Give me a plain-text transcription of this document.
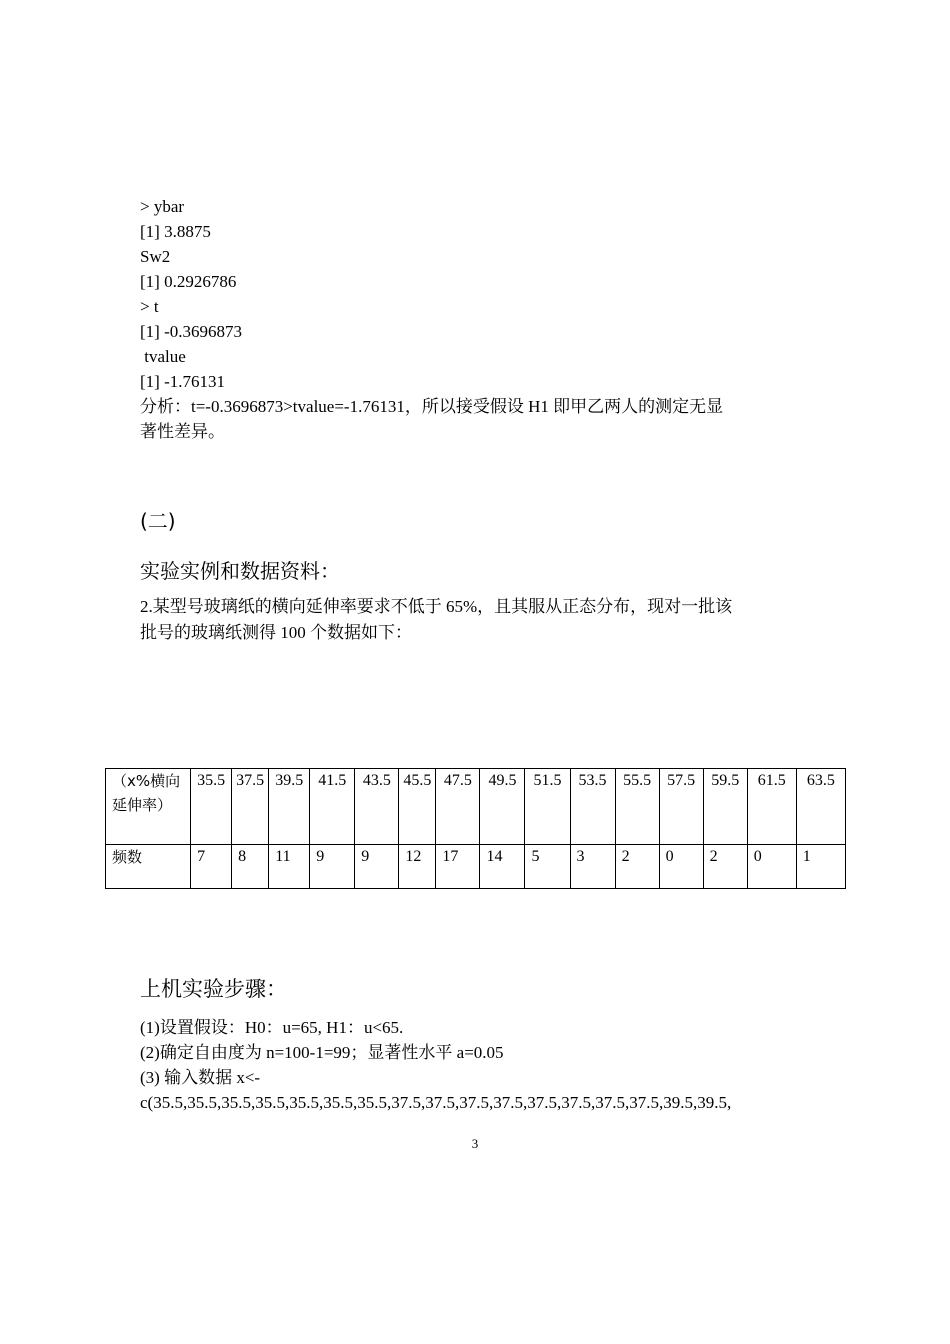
> ybar
[1] 3.8875
Sw2
[1] 0.2926786
> t
[1] -0.3696873
tvalue
[1] -1.76131
分析：t=-0.3696873>tvalue=-1.76131，所以接受假设 H1 即甲乙两人的测定无显
著性差异。
(二)
实验实例和数据资料：
2.某型号玻璃纸的横向延伸率要求不低于 65%，且其服从正态分布，现对一批该
批号的玻璃纸测得 100 个数据如下：
（x%横向延伸率）	35.5	37.5	39.5	41.5	43.5	45.5	47.5	49.5	51.5	53.5	55.5	57.5	59.5	61.5	63.5
频数	7	8	11	9	9	12	17	14	5	3	2	0	2	0	1
上机实验步骤：
(1)设置假设：H0：u=65, H1：u<65.
(2)确定自由度为 n=100-1=99；显著性水平 a=0.05
(3) 输入数据 x<-
c(35.5,35.5,35.5,35.5,35.5,35.5,35.5,37.5,37.5,37.5,37.5,37.5,37.5,37.5,37.5,39.5,39.5,
3
